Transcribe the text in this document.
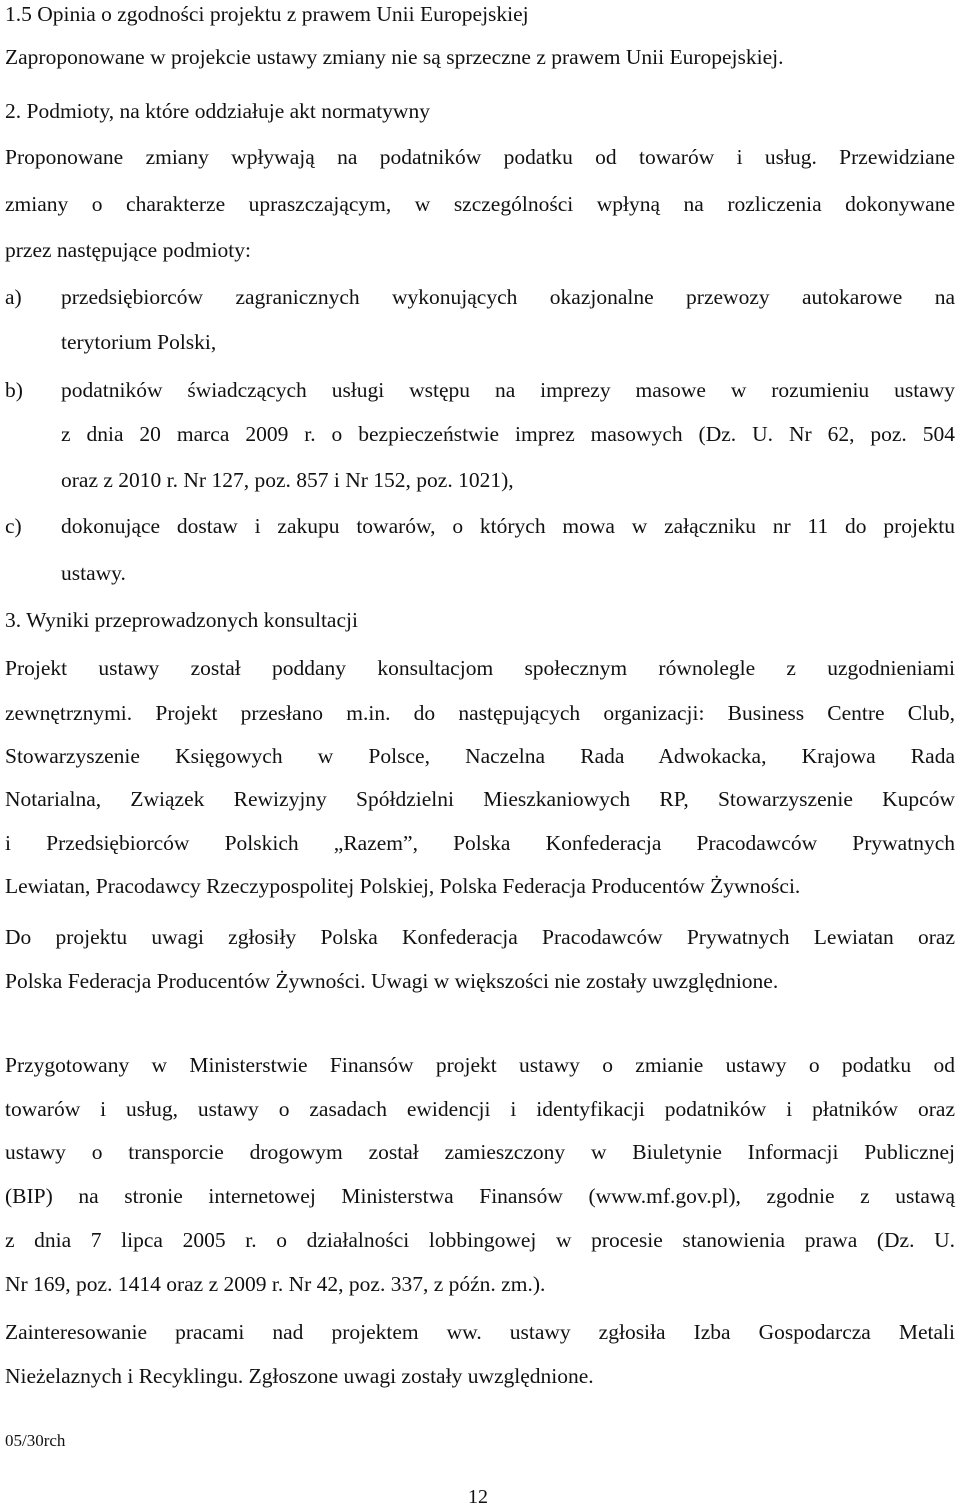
1.5 Opinia o zgodności projektu z prawem Unii Europejskiej
Zaproponowane w projekcie ustawy zmiany nie są sprzeczne z prawem Unii Europejskiej.
2. Podmioty, na które oddziałuje akt normatywny
Proponowane zmiany wpływają na podatników podatku od towarów i usług. Przewidziane
zmiany o charakterze upraszczającym, w szczególności wpłyną na rozliczenia dokonywane
przez następujące podmioty:
a) przedsiębiorców zagranicznych wykonujących okazjonalne przewozy autokarowe na
terytorium Polski,
b) podatników świadczących usługi wstępu na imprezy masowe w rozumieniu ustawy
z dnia 20 marca 2009 r. o bezpieczeństwie imprez masowych (Dz. U. Nr 62, poz. 504
oraz z 2010 r. Nr 127, poz. 857 i Nr 152, poz. 1021),
c) dokonujące dostaw i zakupu towarów, o których mowa w załączniku nr 11 do projektu
ustawy.
3. Wyniki przeprowadzonych konsultacji
Projekt ustawy został poddany konsultacjom społecznym równolegle z uzgodnieniami
zewnętrznymi. Projekt przesłano m.in. do następujących organizacji: Business Centre Club,
Stowarzyszenie Księgowych w Polsce, Naczelna Rada Adwokacka, Krajowa Rada
Notarialna, Związek Rewizyjny Spółdzielni Mieszkaniowych RP, Stowarzyszenie Kupców
i Przedsiębiorców Polskich „Razem”, Polska Konfederacja Pracodawców Prywatnych
Lewiatan, Pracodawcy Rzeczypospolitej Polskiej, Polska Federacja Producentów Żywności.
Do projektu uwagi zgłosiły Polska Konfederacja Pracodawców Prywatnych Lewiatan oraz
Polska Federacja Producentów Żywności. Uwagi w większości nie zostały uwzględnione.
Przygotowany w Ministerstwie Finansów projekt ustawy o zmianie ustawy o podatku od
towarów i usług, ustawy o zasadach ewidencji i identyfikacji podatników i płatników oraz
ustawy o transporcie drogowym został zamieszczony w Biuletynie Informacji Publicznej
(BIP) na stronie internetowej Ministerstwa Finansów (www.mf.gov.pl), zgodnie z ustawą
z dnia 7 lipca 2005 r. o działalności lobbingowej w procesie stanowienia prawa (Dz. U.
Nr 169, poz. 1414 oraz z 2009 r. Nr 42, poz. 337, z późn. zm.).
Zainteresowanie pracami nad projektem ww. ustawy zgłosiła Izba Gospodarcza Metali
Nieżelaznych i Recyklingu. Zgłoszone uwagi zostały uwzględnione.
05/30rch
12
